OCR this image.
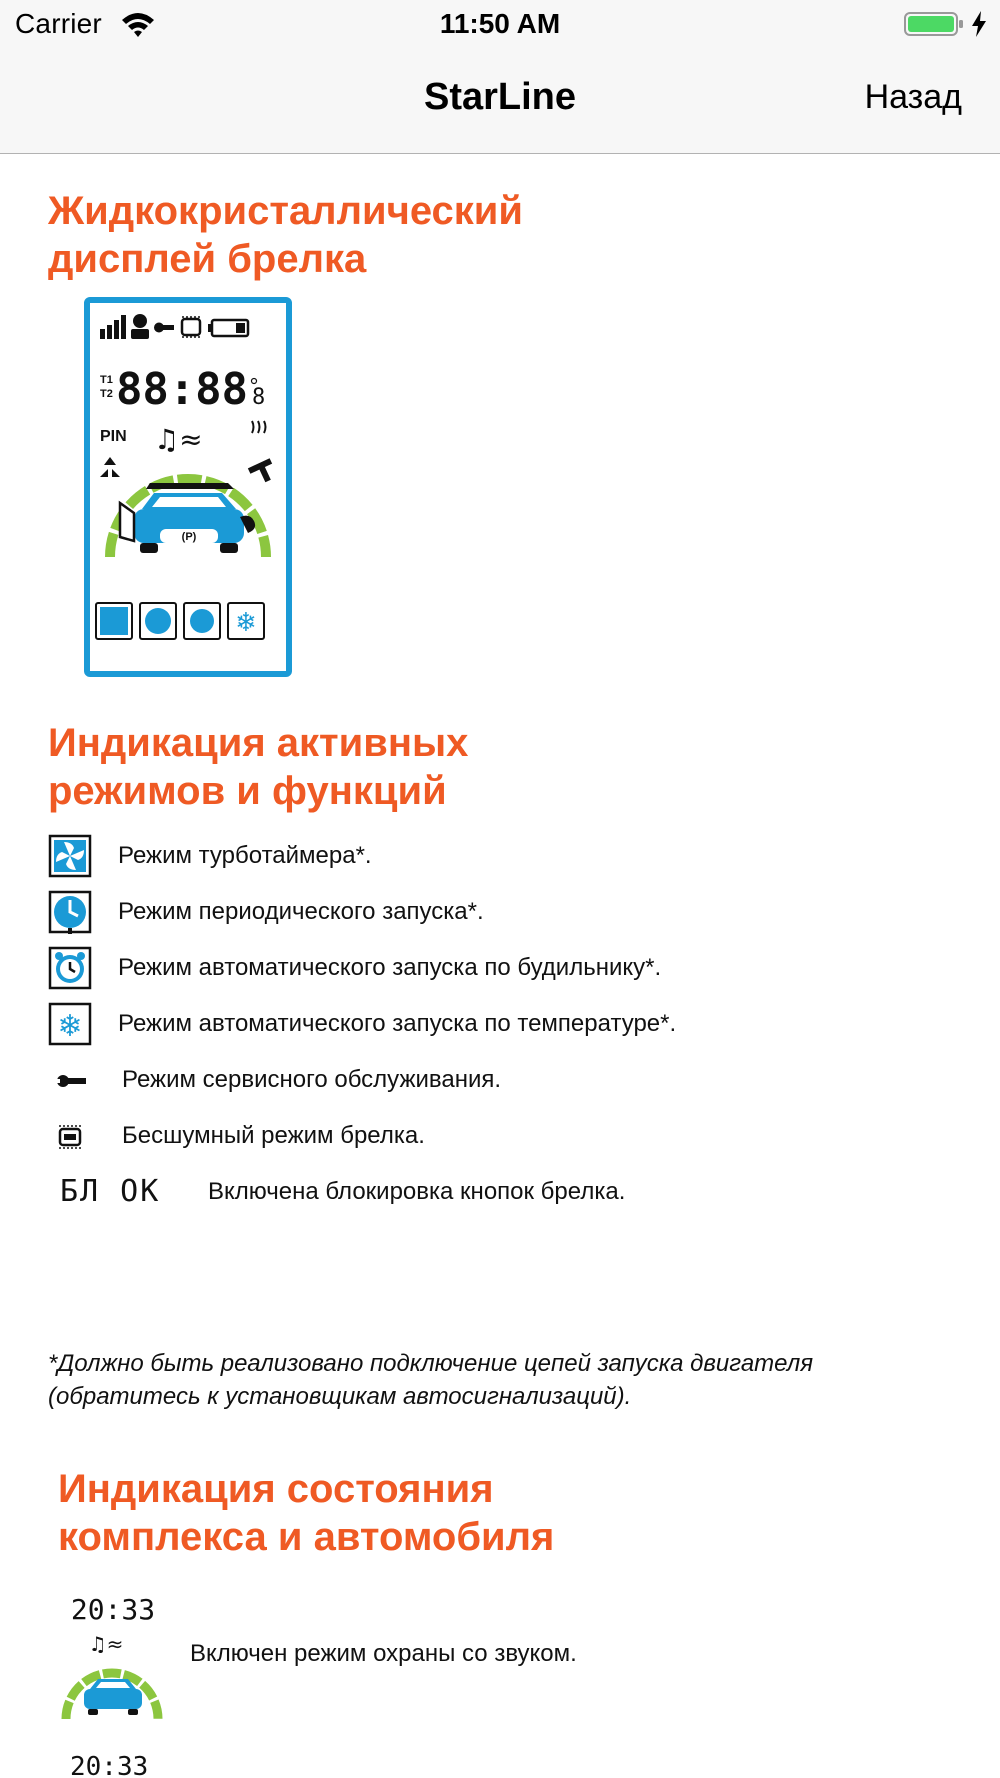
Carrier	11:50 AM
StarLine	Назад
Жидкокристаллический
дисплей брелка
T1
T2 88:88 8
PIN ♫≈
(P)
❄
Индикация активных
режимов и функций
Режим турботаймера*.
Режим периодического запуска*.
Режим автоматического запуска по будильнику*.
❄ Режим автоматического запуска по температуре*.
Режим сервисного обслуживания.
Бесшумный режим брелка.
БЛ ОК Включена блокировка кнопок брелка.
*Должно быть реализовано подключение цепей запуска двигателя
(обратитесь к установщикам автосигнализаций).
Индикация состояния
комплекса и автомобиля
20:33
♫≈	Включен режим охраны со звуком.
20:33
